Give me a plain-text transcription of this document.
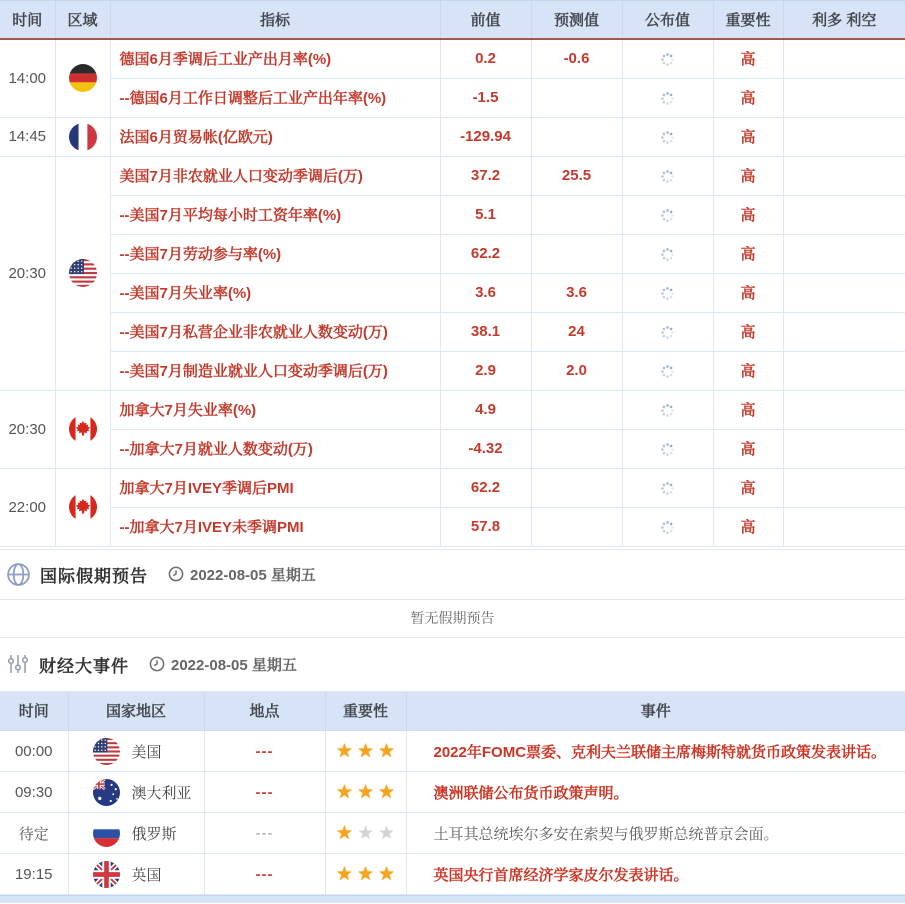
时间	区域	指标	前值	预测值	公布值	重要性	利多 利空
14:00		德国6月季调后工业产出月率(%)	0.2	-0.6		高	
		--德国6月工作日调整后工业产出年率(%)	-1.5			高	
14:45		法国6月贸易帐(亿欧元)	-129.94			高	
20:30		美国7月非农就业人口变动季调后(万)	37.2	25.5		高	
		--美国7月平均每小时工资年率(%)	5.1			高	
		--美国7月劳动参与率(%)	62.2			高	
		--美国7月失业率(%)	3.6	3.6		高	
		--美国7月私营企业非农就业人数变动(万)	38.1	24		高	
		--美国7月制造业就业人口变动季调后(万)	2.9	2.0		高	
20:30		加拿大7月失业率(%)	4.9			高	
		--加拿大7月就业人数变动(万)	-4.32			高	
22:00		加拿大7月IVEY季调后PMI	62.2			高	
		--加拿大7月IVEY未季调PMI	57.8			高	
国际假期预告	2022-08-05 星期五
暂无假期预告
财经大事件	2022-08-05 星期五
时间	国家地区	地点	重要性	事件
00:00	美国	---	★ ★ ★	2022年FOMC票委、克利夫兰联储主席梅斯特就货币政策发表讲话。
09:30	澳大利亚	---	★ ★ ★	澳洲联储公布货币政策声明。
待定	俄罗斯	---	★ ★ ★	土耳其总统埃尔多安在索契与俄罗斯总统普京会面。
19:15	英国	---	★ ★ ★	英国央行首席经济学家皮尔发表讲话。
